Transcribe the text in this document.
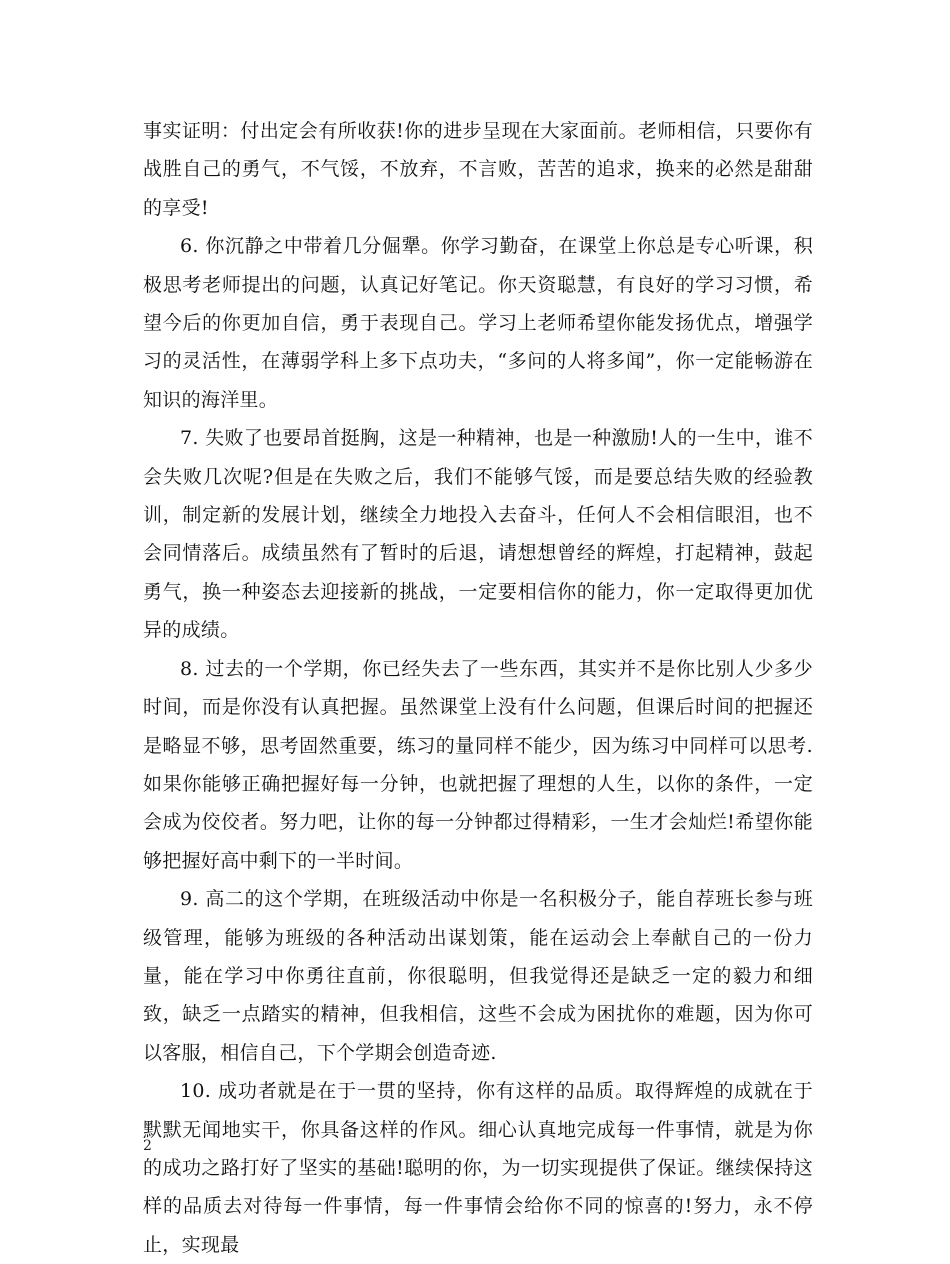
事实证明：付出定会有所收获!你的进步呈现在大家面前。老师相信，只要你有战胜自己的勇气，不气馁，不放弃，不言败，苦苦的追求，换来的必然是甜甜的享受!

6. 你沉静之中带着几分倔犟。你学习勤奋，在课堂上你总是专心听课，积极思考老师提出的问题，认真记好笔记。你天资聪慧，有良好的学习习惯，希望今后的你更加自信，勇于表现自己。学习上老师希望你能发扬优点，增强学习的灵活性，在薄弱学科上多下点功夫，“多问的人将多闻”，你一定能畅游在知识的海洋里。

7. 失败了也要昂首挺胸，这是一种精神，也是一种激励!人的一生中，谁不会失败几次呢?但是在失败之后，我们不能够气馁，而是要总结失败的经验教训，制定新的发展计划，继续全力地投入去奋斗，任何人不会相信眼泪，也不会同情落后。成绩虽然有了暂时的后退，请想想曾经的辉煌，打起精神，鼓起勇气，换一种姿态去迎接新的挑战，一定要相信你的能力，你一定取得更加优异的成绩。

8. 过去的一个学期，你已经失去了一些东西，其实并不是你比别人少多少时间，而是你没有认真把握。虽然课堂上没有什么问题，但课后时间的把握还是略显不够，思考固然重要，练习的量同样不能少，因为练习中同样可以思考.如果你能够正确把握好每一分钟，也就把握了理想的人生，以你的条件，一定会成为佼佼者。努力吧，让你的每一分钟都过得精彩，一生才会灿烂!希望你能够把握好高中剩下的一半时间。

9. 高二的这个学期，在班级活动中你是一名积极分子，能自荐班长参与班级管理，能够为班级的各种活动出谋划策，能在运动会上奉献自己的一份力量，能在学习中你勇往直前，你很聪明，但我觉得还是缺乏一定的毅力和细致，缺乏一点踏实的精神，但我相信，这些不会成为困扰你的难题，因为你可以客服，相信自己，下个学期会创造奇迹.

10. 成功者就是在于一贯的坚持，你有这样的品质。取得辉煌的成就在于默默无闻地实干，你具备这样的作风。细心认真地完成每一件事情，就是为你的成功之路打好了坚实的基础!聪明的你，为一切实现提供了保证。继续保持这样的品质去对待每一件事情，每一件事情会给你不同的惊喜的!努力，永不停止，实现最

2
